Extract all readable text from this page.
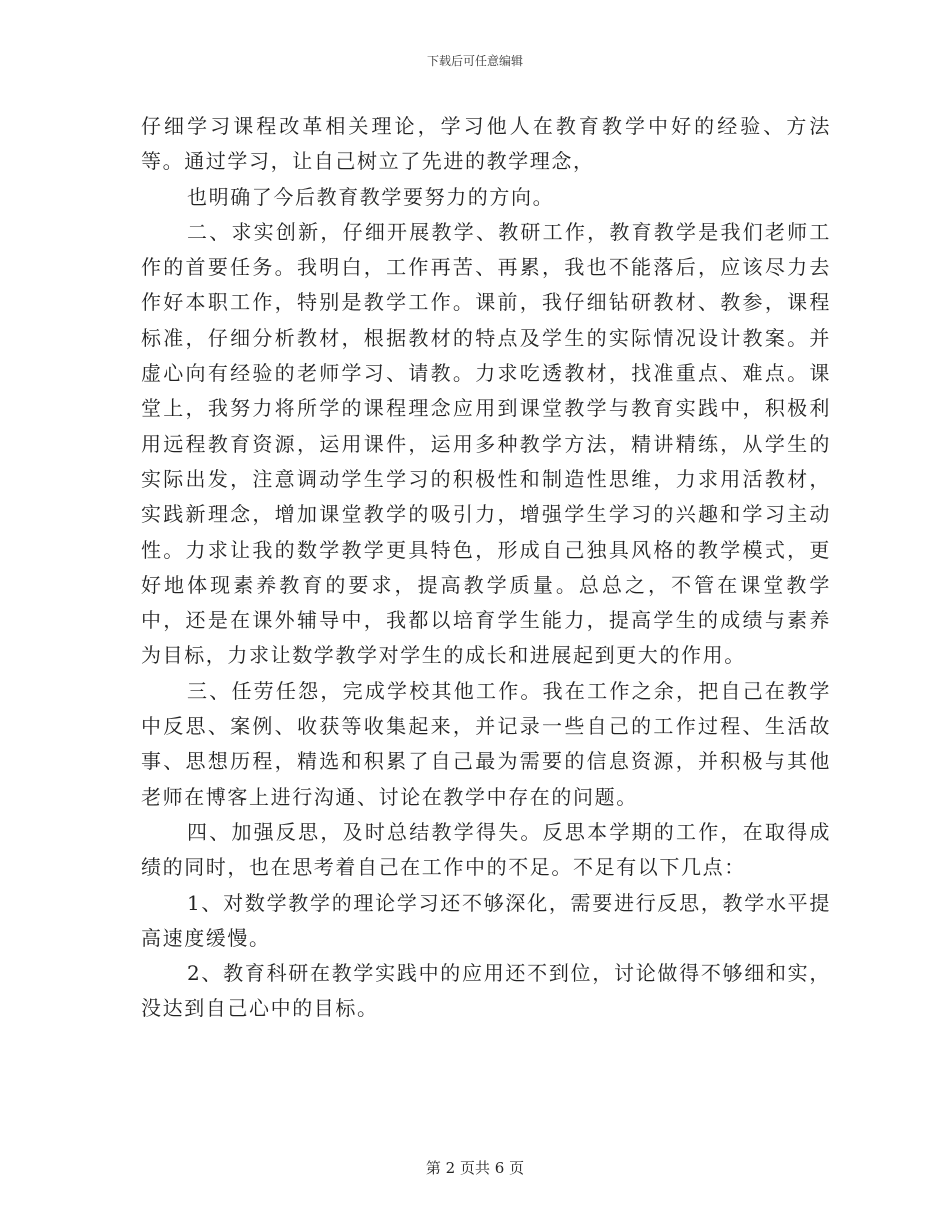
下载后可任意编辑

仔细学习课程改革相关理论，学习他人在教育教学中好的经验、方法等。通过学习，让自己树立了先进的教学理念，

也明确了今后教育教学要努力的方向。

二、求实创新，仔细开展教学、教研工作，教育教学是我们老师工作的首要任务。我明白，工作再苦、再累，我也不能落后，应该尽力去作好本职工作，特别是教学工作。课前，我仔细钻研教材、教参，课程标准，仔细分析教材，根据教材的特点及学生的实际情况设计教案。并虚心向有经验的老师学习、请教。力求吃透教材，找准重点、难点。课堂上，我努力将所学的课程理念应用到课堂教学与教育实践中，积极利用远程教育资源，运用课件，运用多种教学方法，精讲精练，从学生的实际出发，注意调动学生学习的积极性和制造性思维，力求用活教材，实践新理念，增加课堂教学的吸引力，增强学生学习的兴趣和学习主动性。力求让我的数学教学更具特色，形成自己独具风格的教学模式，更好地体现素养教育的要求，提高教学质量。总总之，不管在课堂教学中，还是在课外辅导中，我都以培育学生能力，提高学生的成绩与素养为目标，力求让数学教学对学生的成长和进展起到更大的作用。

三、任劳任怨，完成学校其他工作。我在工作之余，把自己在教学中反思、案例、收获等收集起来，并记录一些自己的工作过程、生活故事、思想历程，精选和积累了自己最为需要的信息资源，并积极与其他老师在博客上进行沟通、讨论在教学中存在的问题。

四、加强反思，及时总结教学得失。反思本学期的工作，在取得成绩的同时，也在思考着自己在工作中的不足。不足有以下几点：

1、对数学教学的理论学习还不够深化，需要进行反思，教学水平提高速度缓慢。

2、教育科研在教学实践中的应用还不到位，讨论做得不够细和实，没达到自己心中的目标。

第 2 页共 6 页
